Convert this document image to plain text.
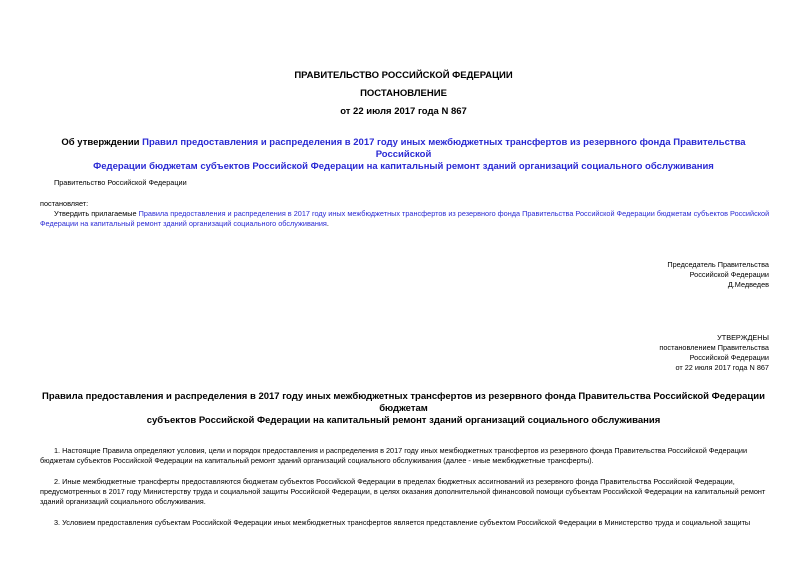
ПРАВИТЕЛЬСТВО РОССИЙСКОЙ ФЕДЕРАЦИИ
ПОСТАНОВЛЕНИЕ
от 22 июля 2017 года N 867
Об утверждении Правил предоставления и распределения в 2017 году иных межбюджетных трансфертов из резервного фонда Правительства Российской
Федерации бюджетам субъектов Российской Федерации на капитальный ремонт зданий организаций социального обслуживания
Правительство Российской Федерации
постановляет:
Утвердить прилагаемые Правила предоставления и распределения в 2017 году иных межбюджетных трансфертов из резервного фонда Правительства Российской Федерации бюджетам субъектов Российской
Федерации на капитальный ремонт зданий организаций социального обслуживания.
Председатель Правительства
Российской Федерации
Д.Медведев
УТВЕРЖДЕНЫ
постановлением Правительства
Российской Федерации
от 22 июля 2017 года N 867
Правила предоставления и распределения в 2017 году иных межбюджетных трансфертов из резервного фонда Правительства Российской Федерации бюджетам
субъектов Российской Федерации на капитальный ремонт зданий организаций социального обслуживания
1. Настоящие Правила определяют условия, цели и порядок предоставления и распределения в 2017 году иных межбюджетных трансфертов из резервного фонда Правительства Российской Федерации
бюджетам субъектов Российской Федерации на капитальный ремонт зданий организаций социального обслуживания (далее - иные межбюджетные трансферты).
2. Иные межбюджетные трансферты предоставляются бюджетам субъектов Российской Федерации в пределах бюджетных ассигнований из резервного фонда Правительства Российской Федерации,
предусмотренных в 2017 году Министерству труда и социальной защиты Российской Федерации, в целях оказания дополнительной финансовой помощи субъектам Российской Федерации на капитальный ремонт
зданий организаций социального обслуживания.
3. Условием предоставления субъектам Российской Федерации иных межбюджетных трансфертов является представление субъектом Российской Федерации в Министерство труда и социальной защиты
